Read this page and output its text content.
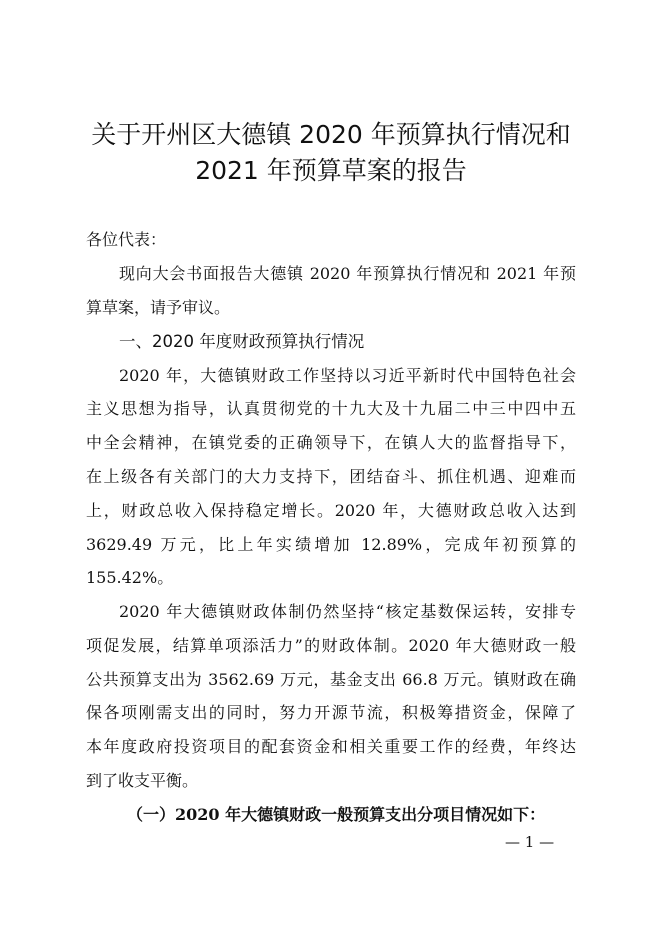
关于开州区大德镇 2020 年预算执行情况和
2021 年预算草案的报告
各位代表：
现向大会书面报告大德镇 2020 年预算执行情况和 2021 年预
算草案，请予审议。
一、2020 年度财政预算执行情况
2020 年，大德镇财政工作坚持以习近平新时代中国特色社会
主义思想为指导，认真贯彻党的十九大及十九届二中三中四中五
中全会精神，在镇党委的正确领导下，在镇人大的监督指导下，
在上级各有关部门的大力支持下，团结奋斗、抓住机遇、迎难而
上，财政总收入保持稳定增长。2020 年，大德财政总收入达到
3629.49 万元，比上年实绩增加 12.89%，完成年初预算的
155.42%。
2020 年大德镇财政体制仍然坚持“核定基数保运转，安排专
项促发展，结算单项添活力”的财政体制。2020 年大德财政一般
公共预算支出为 3562.69 万元，基金支出 66.8 万元。镇财政在确
保各项刚需支出的同时，努力开源节流，积极筹措资金，保障了
本年度政府投资项目的配套资金和相关重要工作的经费，年终达
到了收支平衡。
（一）2020 年大德镇财政一般预算支出分项目情况如下：
— 1 —
